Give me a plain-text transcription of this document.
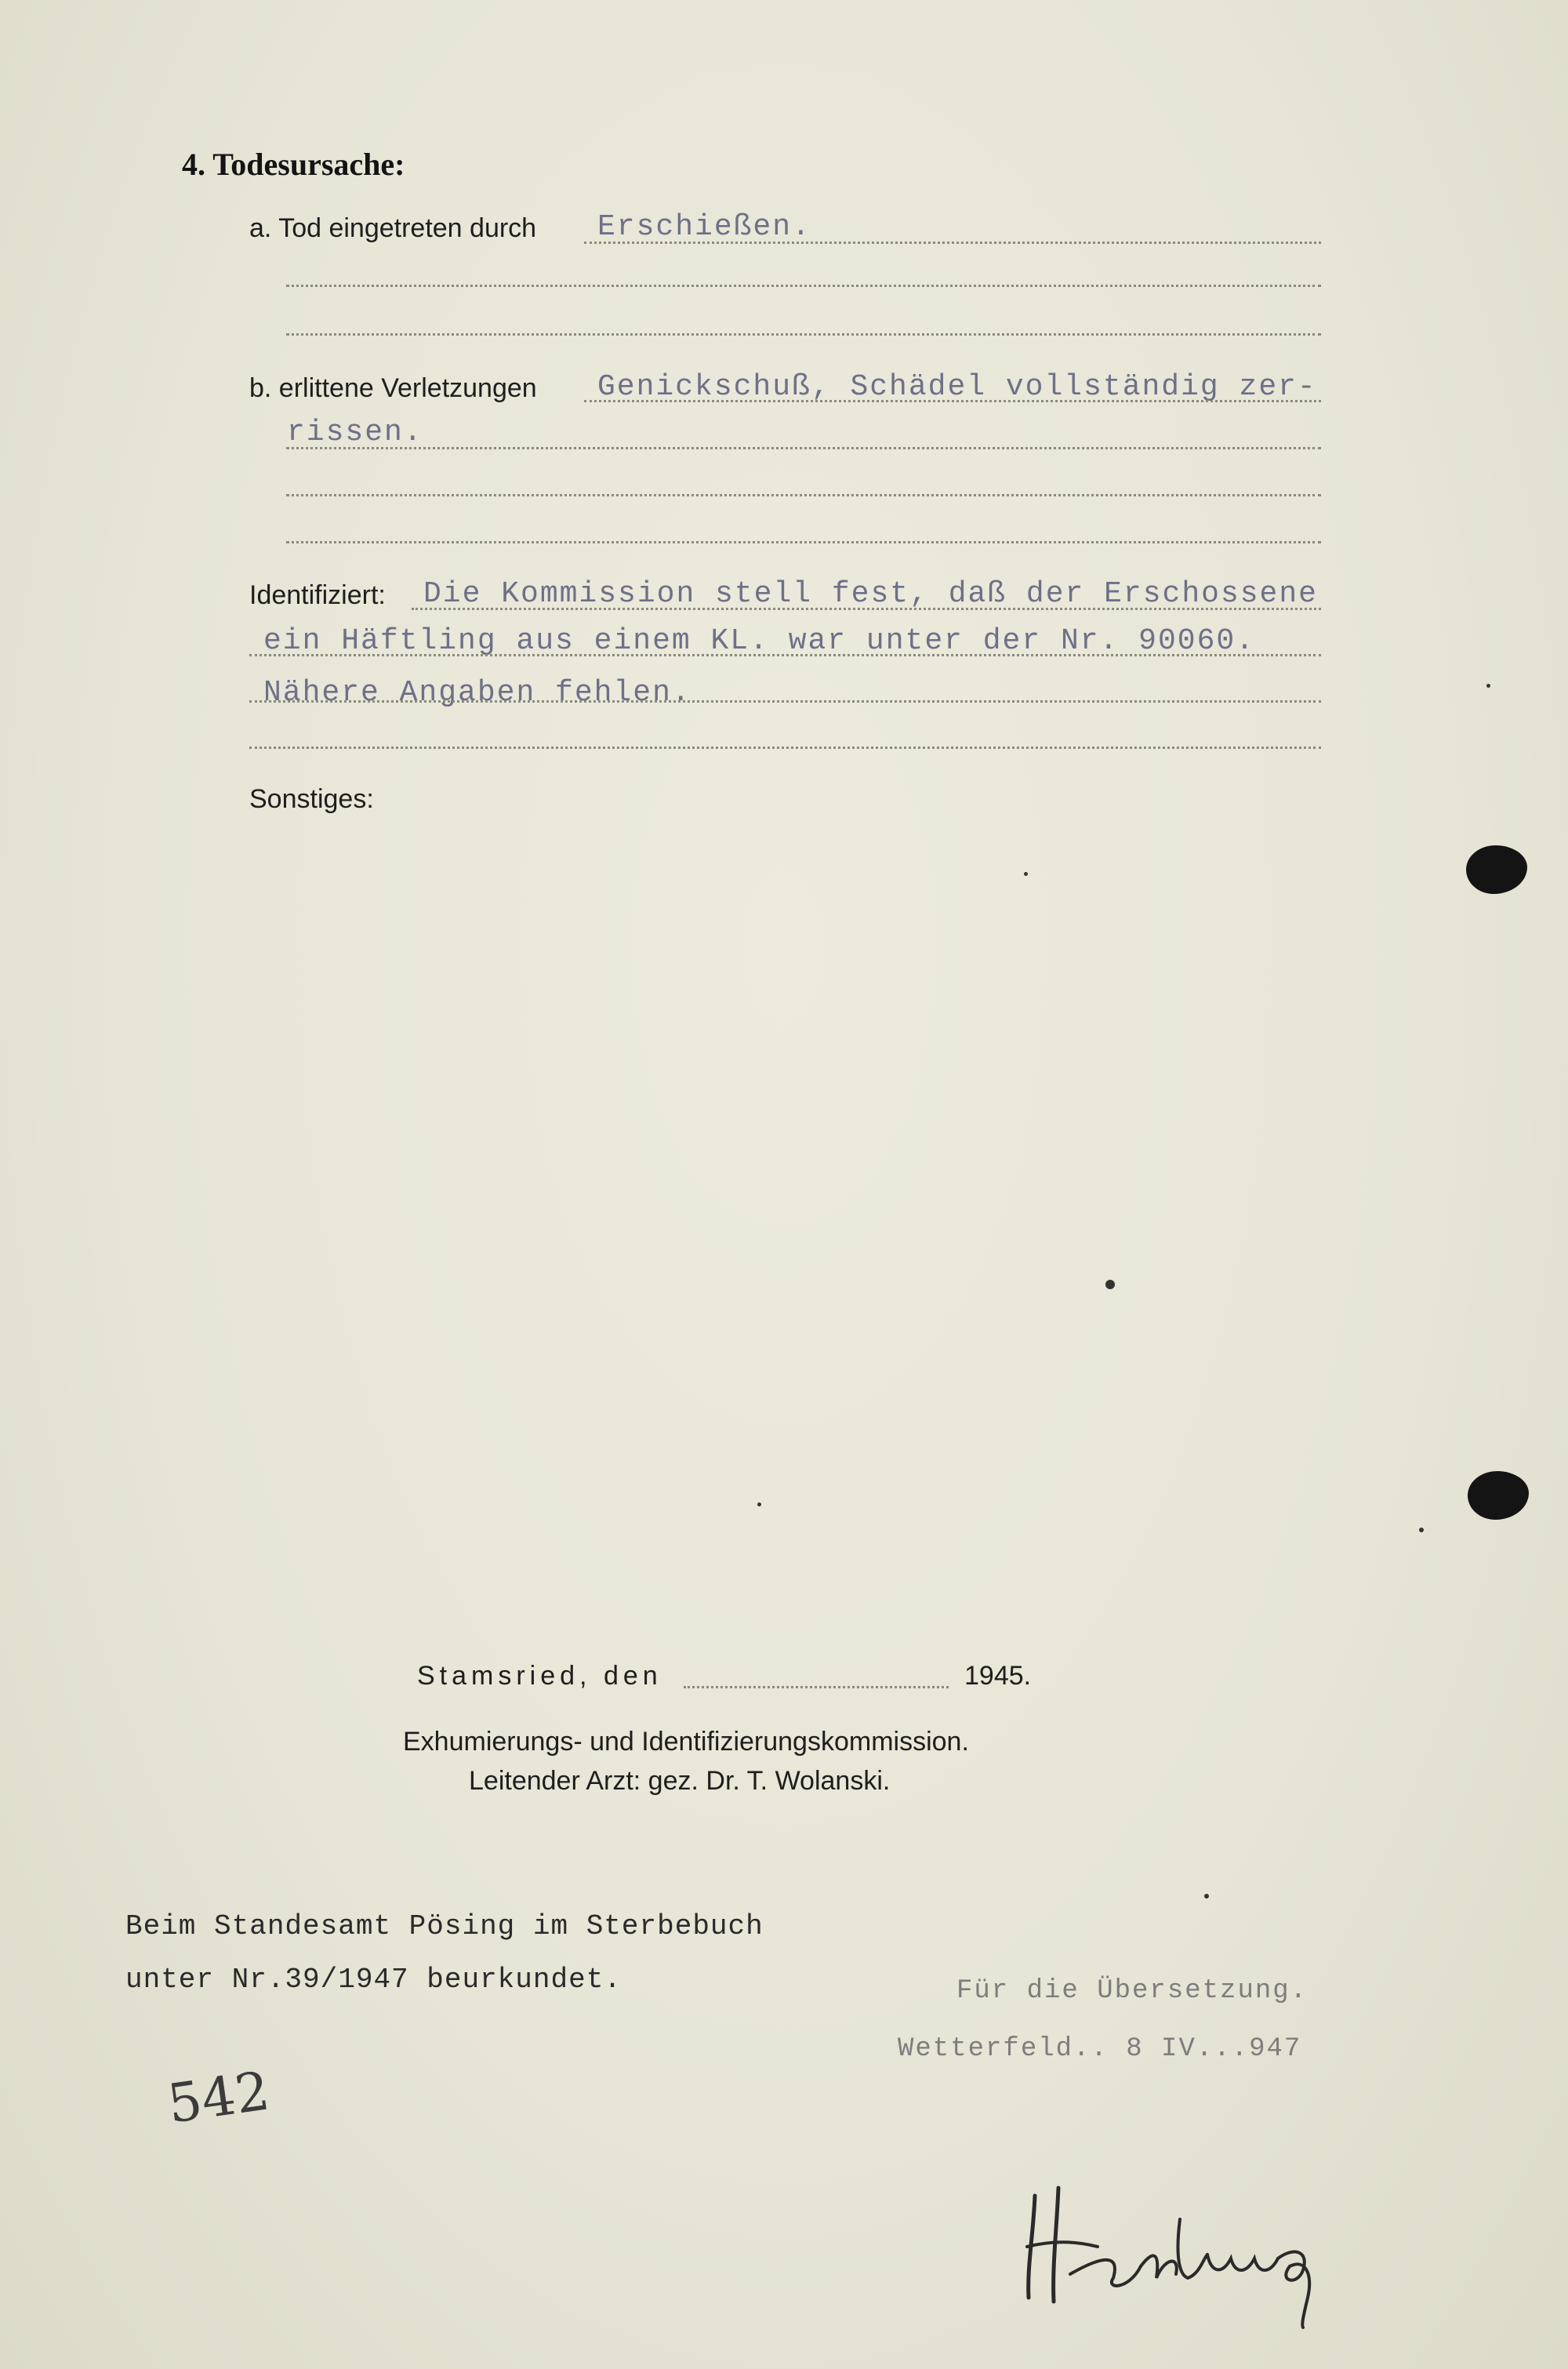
4. Todesursache:
a. Tod eingetreten durch Erschießen.
b. erlittene Verletzungen Genickschuß, Schädel vollständig zer-
rissen.
Identifiziert: Die Kommission stell fest, daß der Erschossene
ein Häftling aus einem KL. war unter der Nr. 90060.
Nähere Angaben fehlen.
Sonstiges:
Stamsried, den	1945.
Exhumierungs- und Identifizierungskommission.
Leitender Arzt: gez. Dr. T. Wolanski.
Beim Standesamt Pösing im Sterbebuch
unter Nr.39/1947 beurkundet.	Für die Übersetzung.
Wetterfeld.. 8 IV...947
542
